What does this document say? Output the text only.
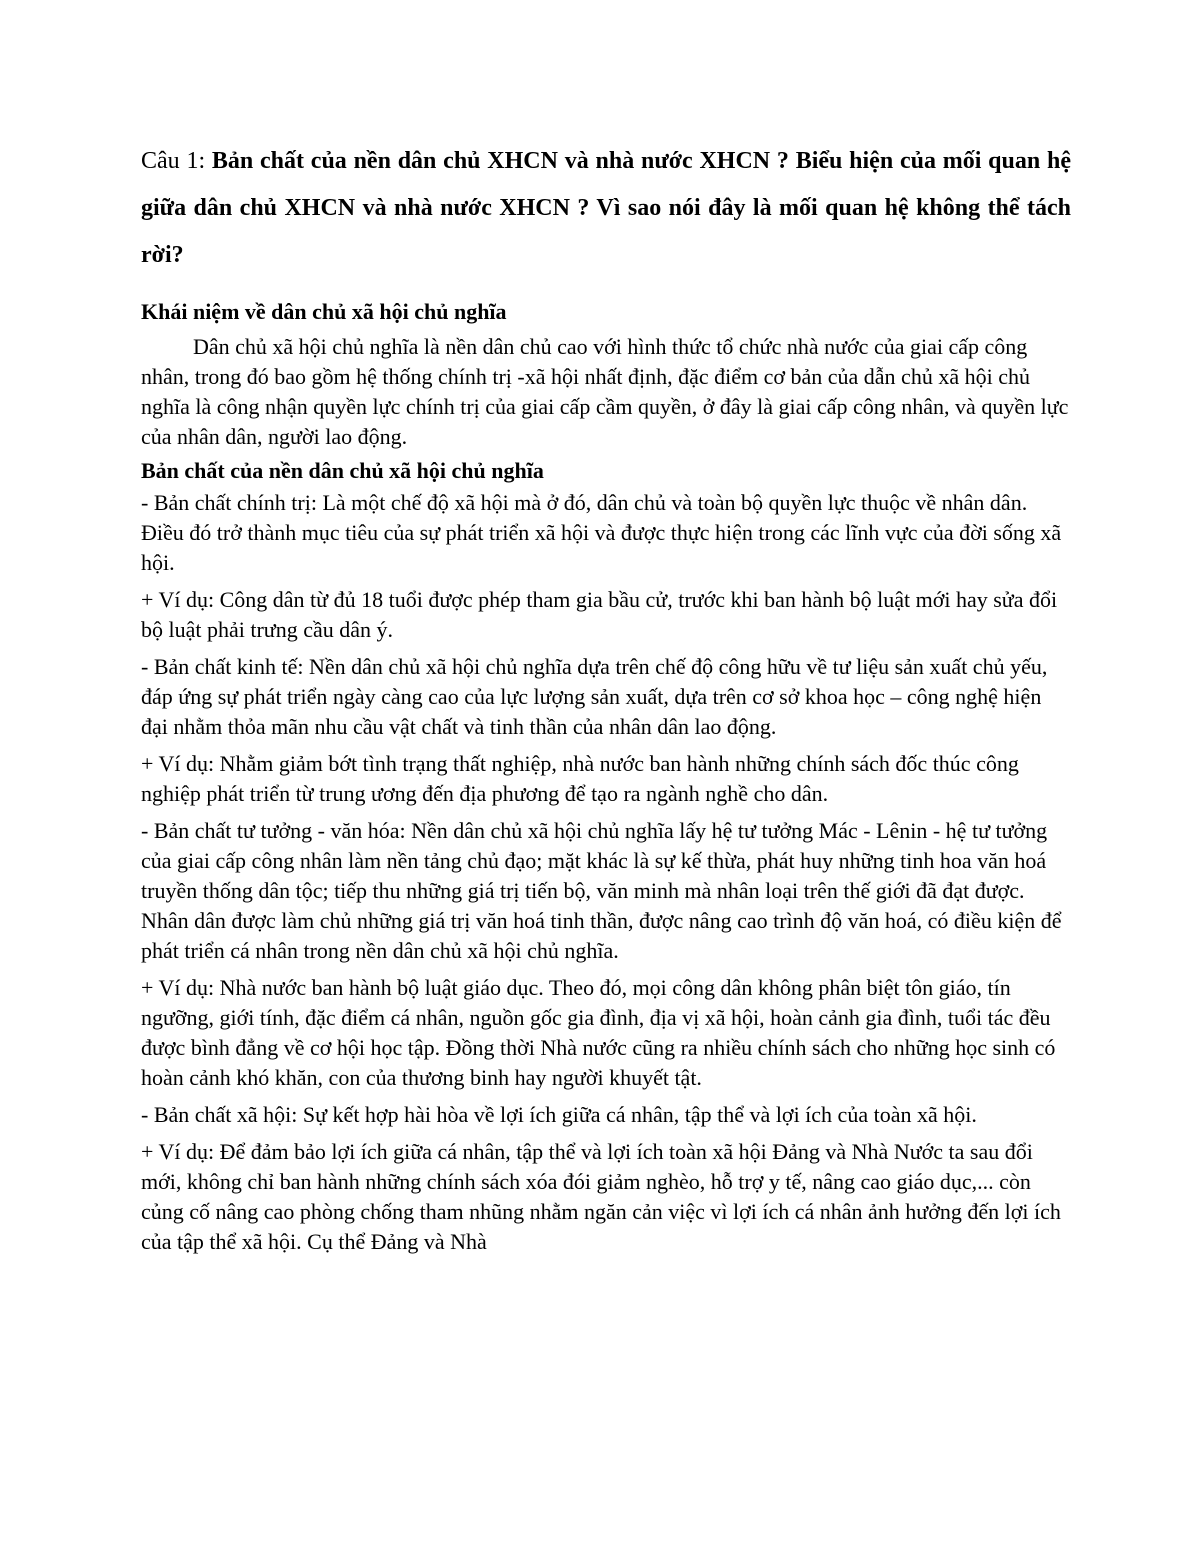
Câu 1: Bản chất của nền dân chủ XHCN và nhà nước XHCN ? Biểu hiện của mối quan hệ giữa dân chủ XHCN và nhà nước XHCN ? Vì sao nói đây là mối quan hệ không thể tách rời?

Khái niệm về dân chủ xã hội chủ nghĩa

Dân chủ xã hội chủ nghĩa là nền dân chủ cao với hình thức tổ chức nhà nước của giai cấp công nhân, trong đó bao gồm hệ thống chính trị -xã hội nhất định, đặc điểm cơ bản của dẫn chủ xã hội chủ nghĩa là công nhận quyền lực chính trị của giai cấp cầm quyền, ở đây là giai cấp công nhân, và quyền lực của nhân dân, người lao động.

Bản chất của nền dân chủ xã hội chủ nghĩa

- Bản chất chính trị: Là một chế độ xã hội mà ở đó, dân chủ và toàn bộ quyền lực thuộc về nhân dân. Điều đó trở thành mục tiêu của sự phát triển xã hội và được thực hiện trong các lĩnh vực của đời sống xã hội.

+ Ví dụ: Công dân từ đủ 18 tuổi được phép tham gia bầu cử, trước khi ban hành bộ luật mới hay sửa đổi bộ luật phải trưng cầu dân ý.

- Bản chất kinh tế: Nền dân chủ xã hội chủ nghĩa dựa trên chế độ công hữu về tư liệu sản xuất chủ yếu, đáp ứng sự phát triển ngày càng cao của lực lượng sản xuất, dựa trên cơ sở khoa học – công nghệ hiện đại nhằm thỏa mãn nhu cầu vật chất và tinh thần của nhân dân lao động.

+ Ví dụ: Nhằm giảm bớt tình trạng thất nghiệp, nhà nước ban hành những chính sách đốc thúc công nghiệp phát triển từ trung ương đến địa phương để tạo ra ngành nghề cho dân.

- Bản chất tư tưởng - văn hóa: Nền dân chủ xã hội chủ nghĩa lấy hệ tư tưởng Mác - Lênin - hệ tư tưởng của giai cấp công nhân làm nền tảng chủ đạo; mặt khác là sự kế thừa, phát huy những tinh hoa văn hoá truyền thống dân tộc; tiếp thu những giá trị tiến bộ, văn minh mà nhân loại trên thế giới đã đạt được. Nhân dân được làm chủ những giá trị văn hoá tinh thần, được nâng cao trình độ văn hoá, có điều kiện để phát triển cá nhân trong nền dân chủ xã hội chủ nghĩa.

+ Ví dụ: Nhà nước ban hành bộ luật giáo dục. Theo đó, mọi công dân không phân biệt tôn giáo, tín ngưỡng, giới tính, đặc điểm cá nhân, nguồn gốc gia đình, địa vị xã hội, hoàn cảnh gia đình, tuổi tác đều được bình đẳng về cơ hội học tập. Đồng thời Nhà nước cũng ra nhiều chính sách cho những học sinh có hoàn cảnh khó khăn, con của thương binh hay người khuyết tật.

- Bản chất xã hội: Sự kết hợp hài hòa về lợi ích giữa cá nhân, tập thể và lợi ích của toàn xã hội.

+ Ví dụ: Để đảm bảo lợi ích giữa cá nhân, tập thể và lợi ích toàn xã hội Đảng và Nhà Nước ta sau đổi mới, không chỉ ban hành những chính sách xóa đói giảm nghèo, hỗ trợ y tế, nâng cao giáo dục,... còn củng cố nâng cao phòng chống tham nhũng nhằm ngăn cản việc vì lợi ích cá nhân ảnh hưởng đến lợi ích của tập thể xã hội. Cụ thể Đảng và Nhà
